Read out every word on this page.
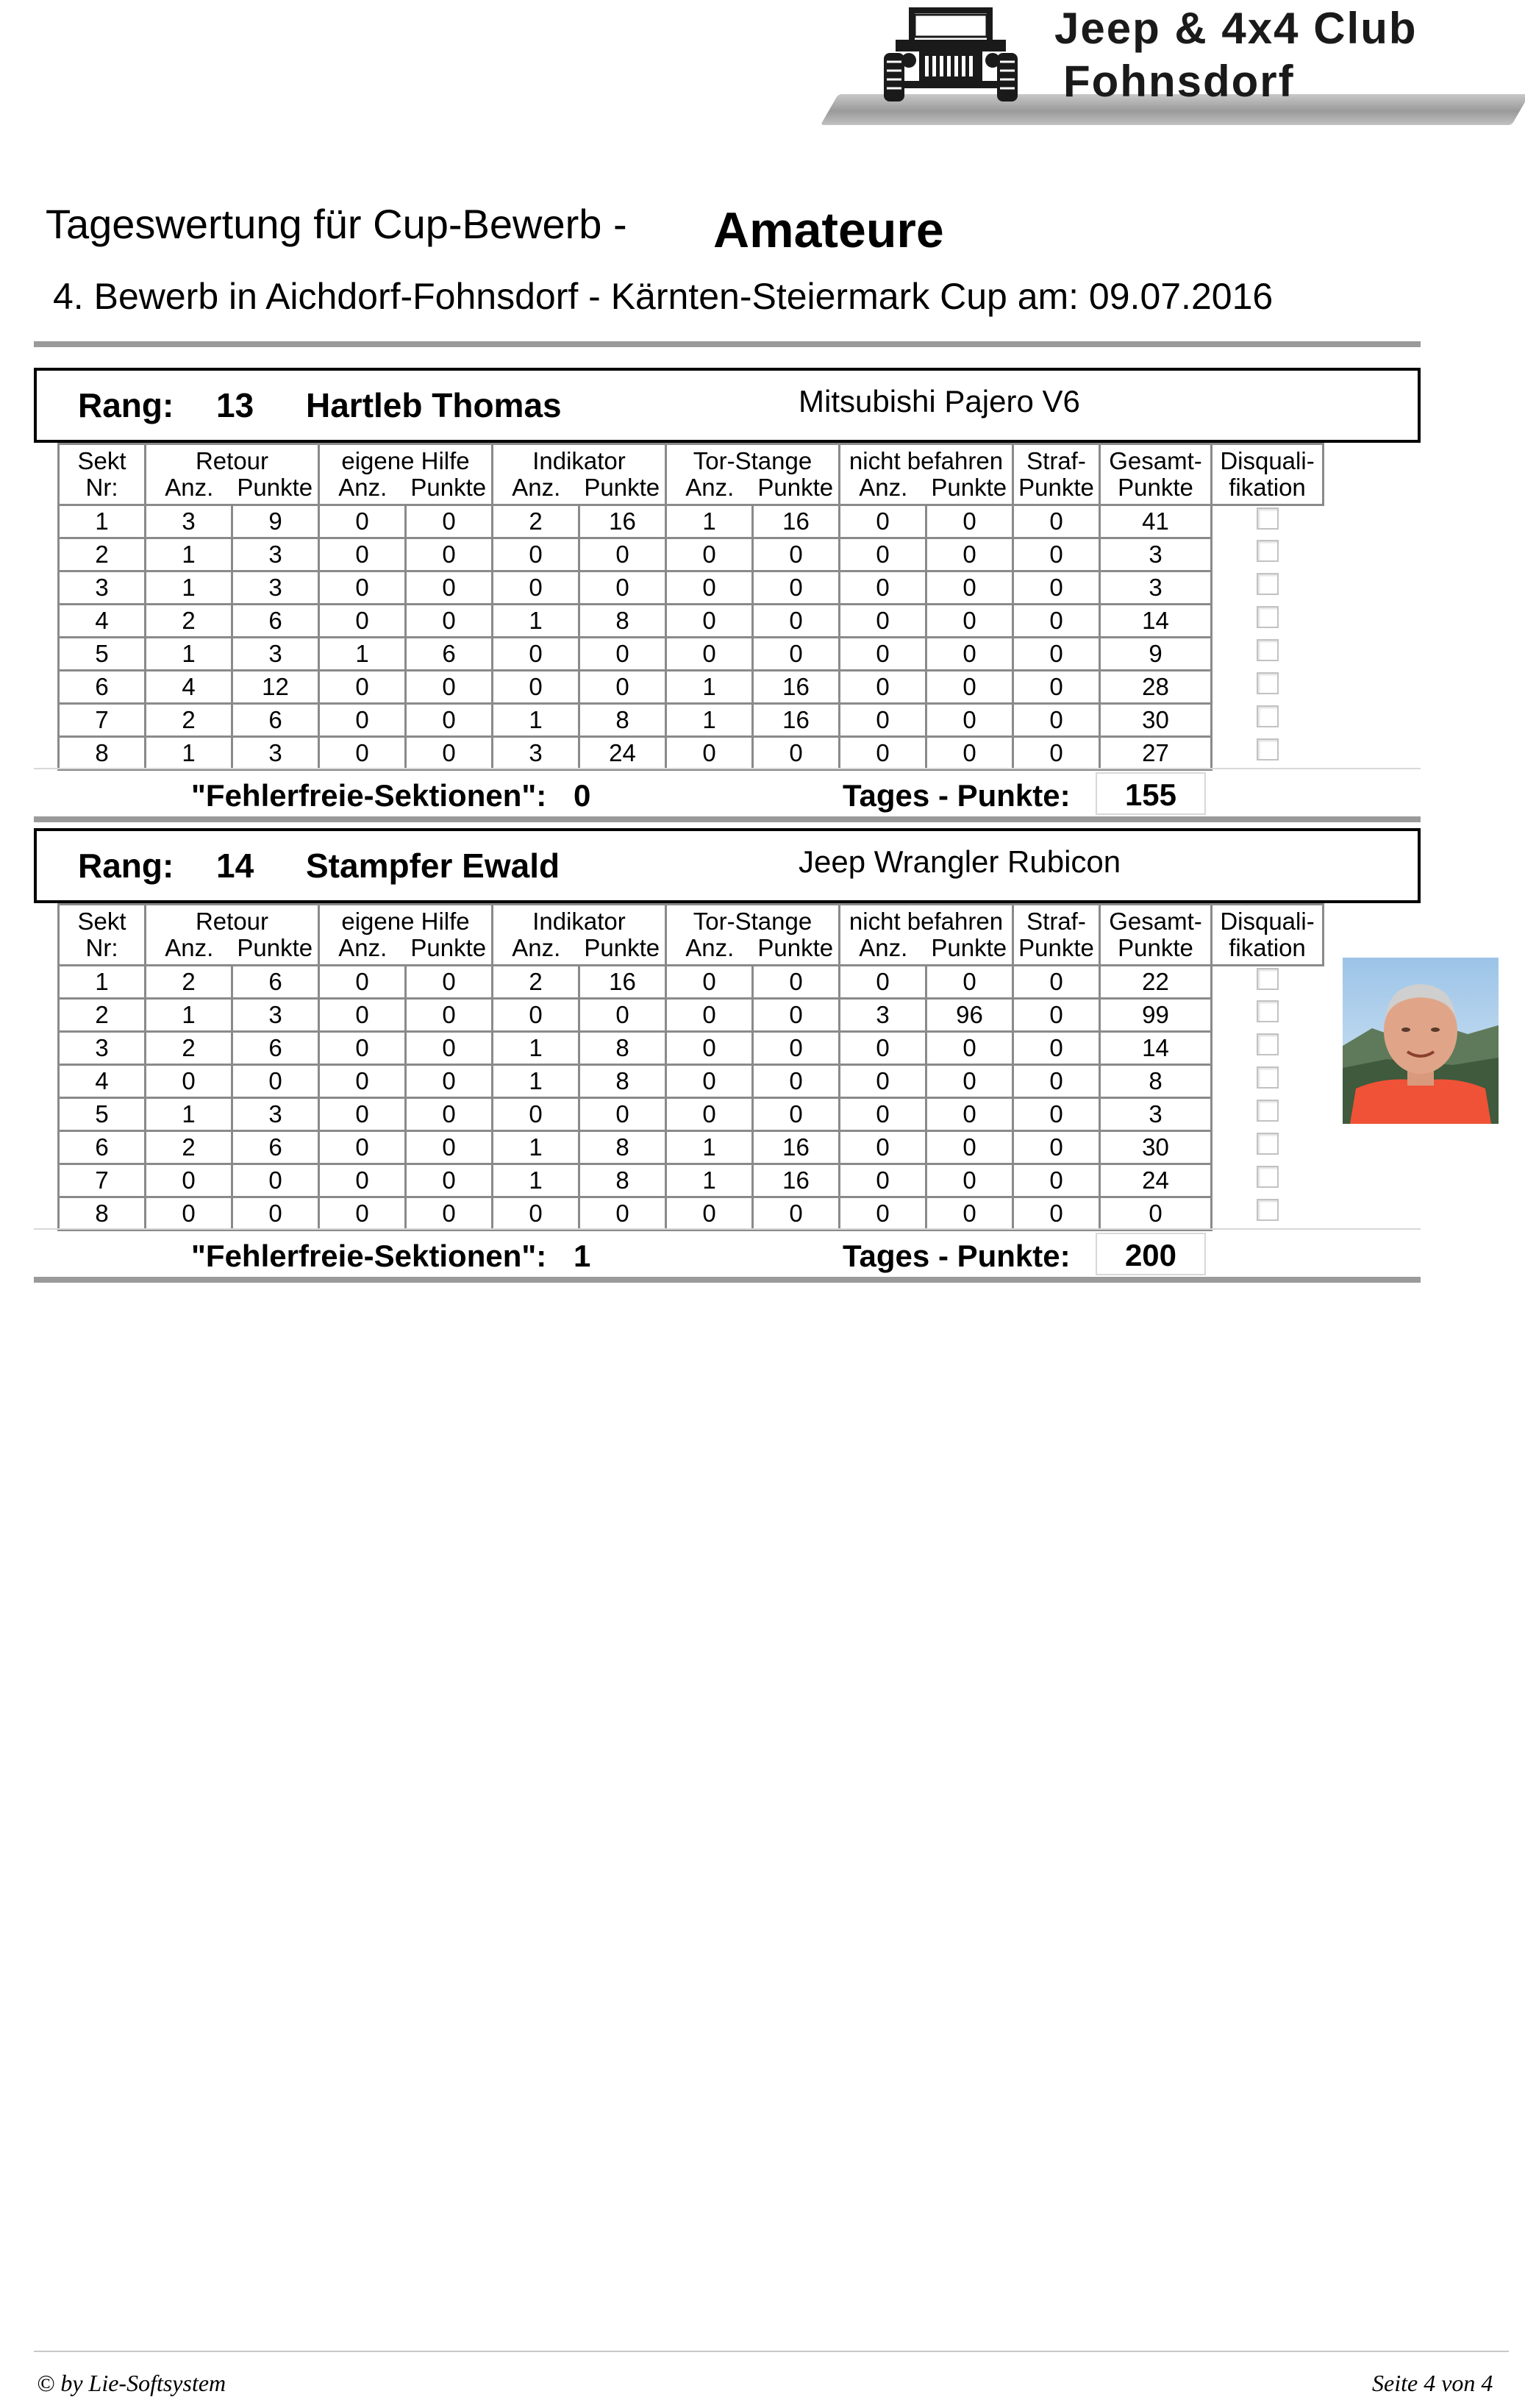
Jeep & 4x4 Club
Fohnsdorf
Tageswertung für Cup-Bewerb - Amateure
4. Bewerb in Aichdorf-Fohnsdorf - Kärnten-Steiermark Cup am: 09.07.2016
Rang: 13 Hartleb Thomas	Mitsubishi Pajero V6
Sekt	Retour		eigene Hilfe		Indikator		Tor-Stange		nicht befahren		Straf-	Gesamt-	Disquali-
Nr:	Anz.	Punkte	Anz.	Punkte	Anz.	Punkte	Anz.	Punkte	Anz.	Punkte	Punkte	Punkte	fikation
1	3	9	0	0	2	16	1	16	0	0	0	41	
2	1	3	0	0	0	0	0	0	0	0	0	3	
3	1	3	0	0	0	0	0	0	0	0	0	3	
4	2	6	0	0	1	8	0	0	0	0	0	14	
5	1	3	1	6	0	0	0	0	0	0	0	9	
6	4	12	0	0	0	0	1	16	0	0	0	28	
7	2	6	0	0	1	8	1	16	0	0	0	30	
8	1	3	0	0	3	24	0	0	0	0	0	27	
"Fehlerfreie-Sektionen": 0	Tages - Punkte:	155
Rang: 14 Stampfer Ewald	Jeep Wrangler Rubicon
Sekt	Retour		eigene Hilfe		Indikator		Tor-Stange		nicht befahren		Straf-	Gesamt-	Disquali-
Nr:	Anz.	Punkte	Anz.	Punkte	Anz.	Punkte	Anz.	Punkte	Anz.	Punkte	Punkte	Punkte	fikation
1	2	6	0	0	2	16	0	0	0	0	0	22	
2	1	3	0	0	0	0	0	0	3	96	0	99	
3	2	6	0	0	1	8	0	0	0	0	0	14	
4	0	0	0	0	1	8	0	0	0	0	0	8	
5	1	3	0	0	0	0	0	0	0	0	0	3	
6	2	6	0	0	1	8	1	16	0	0	0	30	
7	0	0	0	0	1	8	1	16	0	0	0	24	
8	0	0	0	0	0	0	0	0	0	0	0	0	
"Fehlerfreie-Sektionen": 1	Tages - Punkte:	200
© by Lie-Softsystem	Seite 4 von 4
